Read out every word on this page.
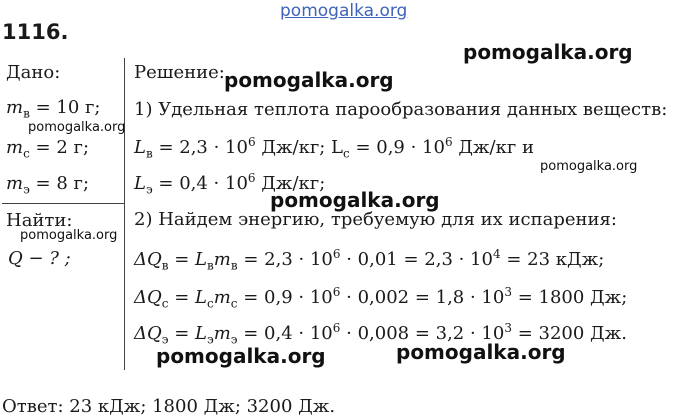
pomogalka.org
1116.
Дано:
$m_в = 10$ г;
$m_с = 2$ г;
$m_э = 8$ г;
Найти:
Q − ? ;
Решение:
1) Удельная теплота парообразования данных веществ:
$L_в = 2,3 \cdot 10^6$ Дж/кг; $L_с = 0,9 \cdot 10^6$ Дж/кг и
$L_э = 0,4 \cdot 10^6$ Дж/кг;
2) Найдем энергию, требуемую для их испарения:
$\Delta Q_в = L_вm_в = 2,3 \cdot 10^6 \cdot 0,01 = 2,3 \cdot 10^4 = 23$ кДж;
$\Delta Q_с = L_сm_с = 0,9 \cdot 10^6 \cdot 0,002 = 1,8 \cdot 10^3 = 1800$ Дж;
$\Delta Q_э = L_эm_э = 0,4 \cdot 10^6 \cdot 0,008 = 3,2 \cdot 10^3 = 3200$ Дж.
Ответ: 23 кДж; 1800 Дж; 3200 Дж.
pomogalka.org
pomogalka.org
pomogalka.org
pomogalka.org
pomogalka.org
pomogalka.org
pomogalka.org	pomogalka.org
